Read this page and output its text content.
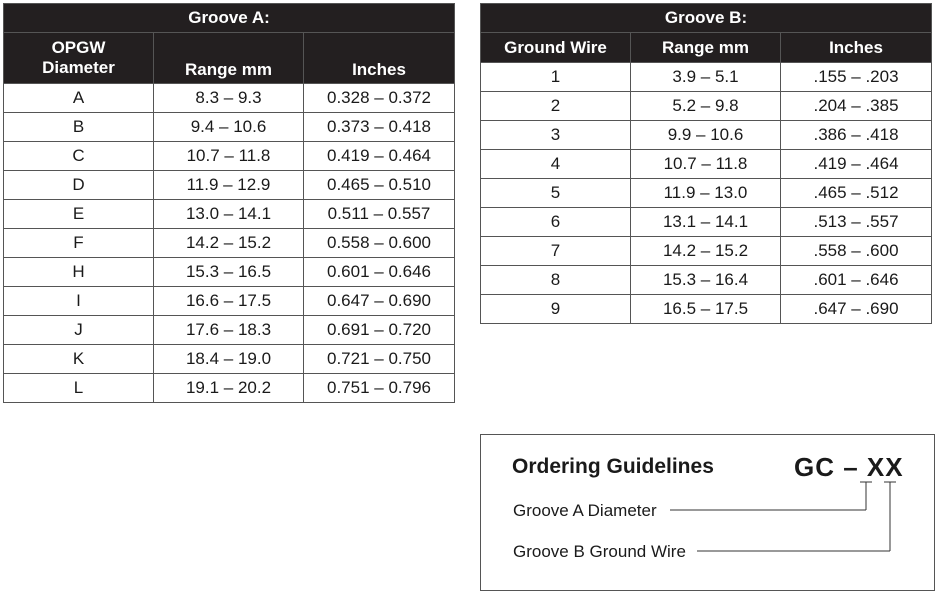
Groove A:		
OPGW
Diameter	Range mm	Inches
A	8.3 – 9.3	0.328 – 0.372
B	9.4 – 10.6	0.373 – 0.418
C	10.7 – 11.8	0.419 – 0.464
D	11.9 – 12.9	0.465 – 0.510
E	13.0 – 14.1	0.511 – 0.557
F	14.2 – 15.2	0.558 – 0.600
H	15.3 – 16.5	0.601 – 0.646
I	16.6 – 17.5	0.647 – 0.690
J	17.6 – 18.3	0.691 – 0.720
K	18.4 – 19.0	0.721 – 0.750
L	19.1 – 20.2	0.751 – 0.796
Groove B:		
Ground Wire	Range mm	Inches
1	3.9 – 5.1	.155 – .203
2	5.2 – 9.8	.204 – .385
3	9.9 – 10.6	.386 – .418
4	10.7 – 11.8	.419 – .464
5	11.9 – 13.0	.465 – .512
6	13.1 – 14.1	.513 – .557
7	14.2 – 15.2	.558 – .600
8	15.3 – 16.4	.601 – .646
9	16.5 – 17.5	.647 – .690
Ordering Guidelines	GC – XX
Groove A Diameter
Groove B Ground Wire
